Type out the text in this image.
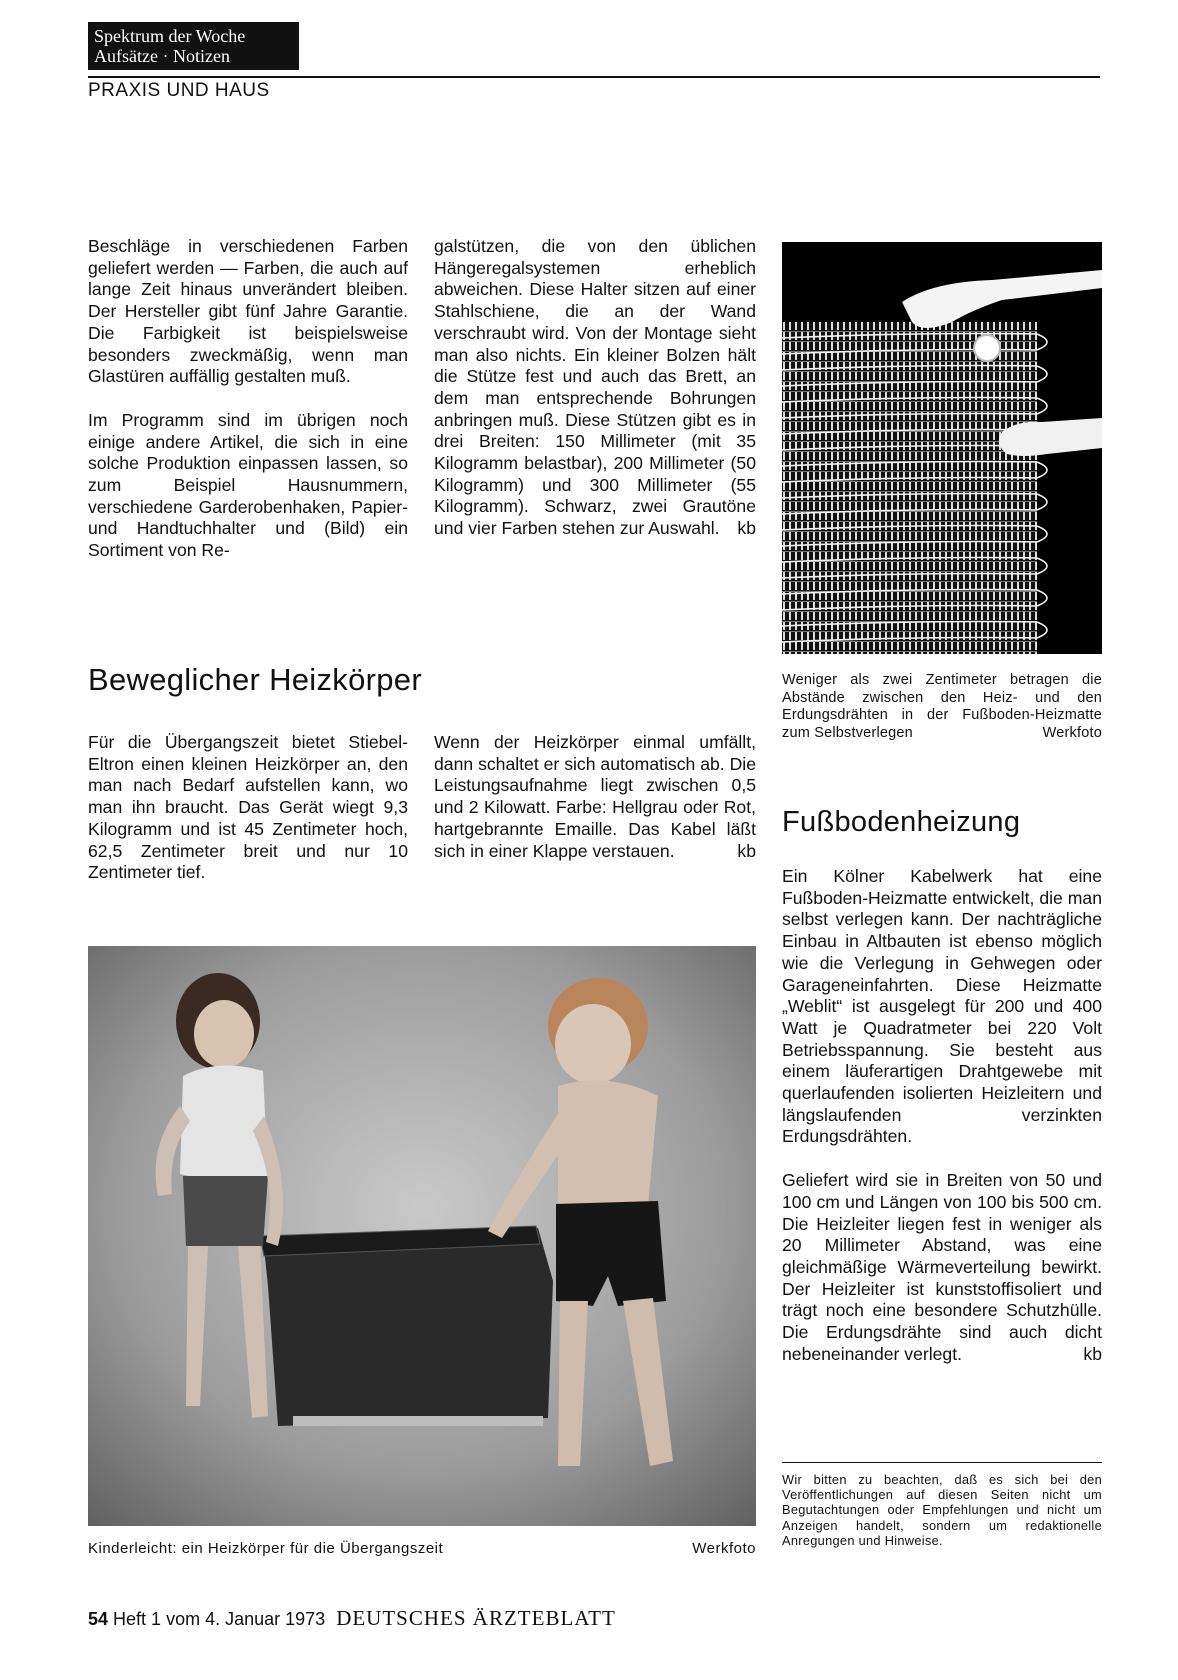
Spektrum der Woche
Aufsätze · Notizen
PRAXIS UND HAUS

Beschläge in verschiedenen Farben geliefert werden — Farben, die auch auf lange Zeit hinaus unverändert bleiben. Der Hersteller gibt fünf Jahre Garantie. Die Farbigkeit ist beispielsweise besonders zweckmäßig, wenn man Glastüren auffällig gestalten muß.

Im Programm sind im übrigen noch einige andere Artikel, die sich in eine solche Produktion einpassen lassen, so zum Beispiel Hausnummern, verschiedene Garderobenhaken, Papier- und Handtuchhalter und (Bild) ein Sortiment von Re-

galstützen, die von den üblichen Hängeregalsystemen erheblich abweichen. Diese Halter sitzen auf einer Stahlschiene, die an der Wand verschraubt wird. Von der Montage sieht man also nichts. Ein kleiner Bolzen hält die Stütze fest und auch das Brett, an dem man entsprechende Bohrungen anbringen muß. Diese Stützen gibt es in drei Breiten: 150 Millimeter (mit 35 Kilogramm belastbar), 200 Millimeter (50 Kilogramm) und 300 Millimeter (55 Kilogramm). Schwarz, zwei Grautöne und vier Farben stehen zur Auswahl. kb

Weniger als zwei Zentimeter betragen die Abstände zwischen den Heiz- und den Erdungsdrähten in der Fußboden-Heizmatte zum Selbstverlegen	Werkfoto
Beweglicher Heizkörper

Für die Übergangszeit bietet Stiebel-Eltron einen kleinen Heizkörper an, den man nach Bedarf aufstellen kann, wo man ihn braucht. Das Gerät wiegt 9,3 Kilogramm und ist 45 Zentimeter hoch, 62,5 Zentimeter breit und nur 10 Zentimeter tief.

Wenn der Heizkörper einmal umfällt, dann schaltet er sich automatisch ab. Die Leistungsaufnahme liegt zwischen 0,5 und 2 Kilowatt. Farbe: Hellgrau oder Rot, hartgebrannte Emaille. Das Kabel läßt sich in einer Klappe verstauen.	kb

Kinderleicht: ein Heizkörper für die Übergangszeit	Werkfoto
Fußbodenheizung

Ein Kölner Kabelwerk hat eine Fußboden-Heizmatte entwickelt, die man selbst verlegen kann. Der nachträgliche Einbau in Altbauten ist ebenso möglich wie die Verlegung in Gehwegen oder Garageneinfahrten. Diese Heizmatte „Weblit“ ist ausgelegt für 200 und 400 Watt je Quadratmeter bei 220 Volt Betriebsspannung. Sie besteht aus einem läuferartigen Drahtgewebe mit querlaufenden isolierten Heizleitern und längslaufenden verzinkten Erdungsdrähten.

Geliefert wird sie in Breiten von 50 und 100 cm und Längen von 100 bis 500 cm. Die Heizleiter liegen fest in weniger als 20 Millimeter Abstand, was eine gleichmäßige Wärmeverteilung bewirkt. Der Heizleiter ist kunststoffisoliert und trägt noch eine besondere Schutzhülle. Die Erdungsdrähte sind auch dicht nebeneinander verlegt.	kb

Wir bitten zu beachten, daß es sich bei den Veröffentlichungen auf diesen Seiten nicht um Begutachtungen oder Empfehlungen und nicht um Anzeigen handelt, sondern um redaktionelle Anregungen und Hinweise.
54 Heft 1 vom 4. Januar 1973 DEUTSCHES ÄRZTEBLATT
